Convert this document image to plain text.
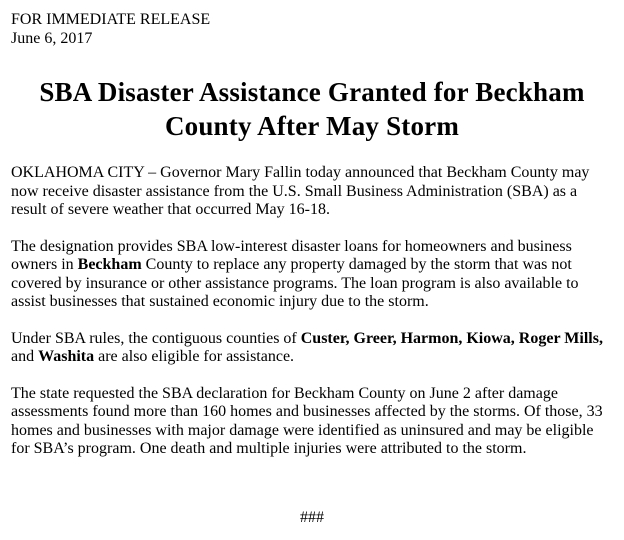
FOR IMMEDIATE RELEASE
June 6, 2017
SBA Disaster Assistance Granted for Beckham County After May Storm

OKLAHOMA CITY – Governor Mary Fallin today announced that Beckham County may now receive disaster assistance from the U.S. Small Business Administration (SBA) as a result of severe weather that occurred May 16-18.

The designation provides SBA low-interest disaster loans for homeowners and business owners in Beckham County to replace any property damaged by the storm that was not covered by insurance or other assistance programs. The loan program is also available to assist businesses that sustained economic injury due to the storm.

Under SBA rules, the contiguous counties of Custer, Greer, Harmon, Kiowa, Roger Mills, and Washita are also eligible for assistance.

The state requested the SBA declaration for Beckham County on June 2 after damage assessments found more than 160 homes and businesses affected by the storms. Of those, 33 homes and businesses with major damage were identified as uninsured and may be eligible for SBA’s program. One death and multiple injuries were attributed to the storm.

###
